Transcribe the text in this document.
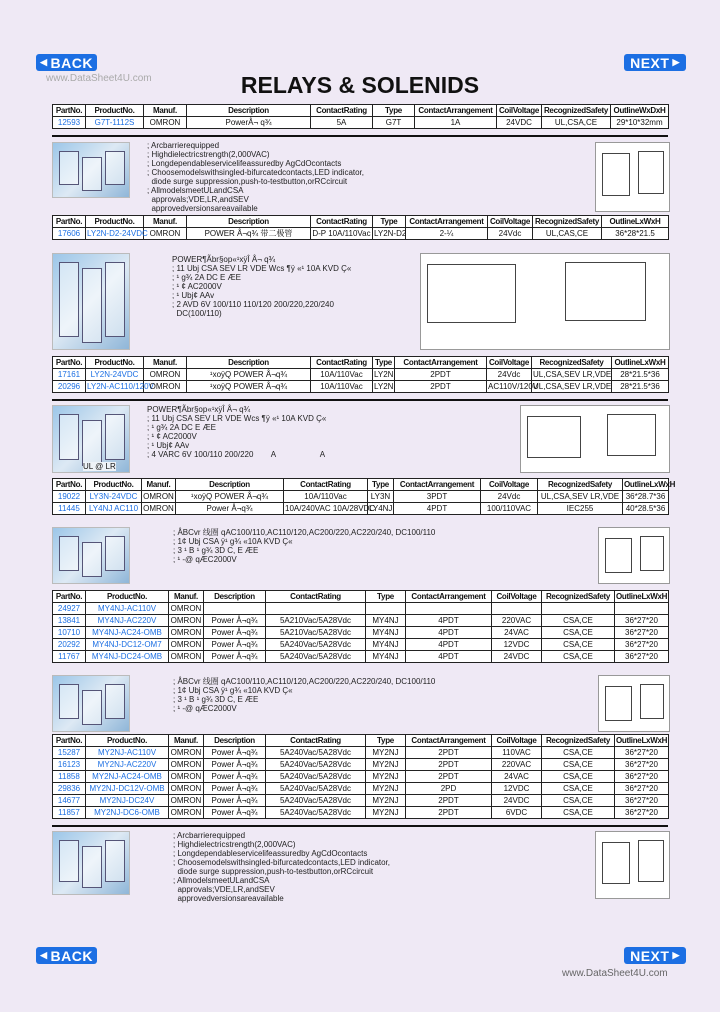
◀ BACK
www.DataSheet4U.com
NEXT ▶
RELAYS & SOLENIDS
PartNo.	ProductNo.	Manuf.	Description	ContactRating	Type	ContactArrangement	CoilVoltage	RecognizedSafety	OutlineWxDxH
12593	G7T-1112S	OMRON	PowerÅ¬ q¾	5A	G7T	1A	24VDC	UL,CSA,CE	29*10*32mm
; Arcbarrierequipped
; Highdielectricstrength(2,000VAC)
; Longdependableservicelifeassuredby AgCdOcontacts
; Choosemodelswithsingled-bifurcatedcontacts,LED indicator,
diode surge suppression,push-to-testbutton,orRCcircuit
; AllmodelsmeetULandCSA
approvals;VDE,LR,andSEV
approvedversionsareavailable
PartNo.	ProductNo.	Manuf.	Description	ContactRating	Type	ContactArrangement	CoilVoltage	RecognizedSafety	OutlineLxWxH
17606	LY2N-D2-24VDC	OMRON	POWER Å¬q¾ 带二极管	D-P 10A/110Vac	LY2N-D2	2-¼	24Vdc	UL,CAS,CE	36*28*21.5
POWER¶Ãbr§op«¹xÿÎ Å¬ q¾
; 11 Ubj CSA SEV LR VDE Wcs ¶ÿ «¹ 10A KVD Ç«
; ¹ g¾ 2A DC E ÆE
; ¹ ¢ AC2000V
; ¹ Ubj¢ AAv
; 2 AVD 6V 100/110 110/120 200/220,220/240
DC(100/110)
PartNo.	ProductNo.	Manuf.	Description	ContactRating	Type	ContactArrangement	CoilVoltage	RecognizedSafety	OutlineLxWxH
17161	LY2N-24VDC	OMRON	¹xoÿQ POWER Å¬q¾	10A/110Vac	LY2N	2PDT	24Vdc	UL,CSA,SEV LR,VDE	28*21.5*36
20296	LY2N-AC110/120V	OMRON	¹xoÿQ POWER Å¬q¾	10A/110Vac	LY2N	2PDT	AC110V/120V	UL,CSA,SEV LR,VDE	28*21.5*36
UL @ LR
POWER¶Ãbr§op«¹xÿÎ Å¬ q¾
; 11 Ubj CSA SEV LR VDE Wcs ¶ÿ «¹ 10A KVD Ç«
; ¹ g¾ 2A DC E ÆE
; ¹ ¢ AC2000V
; ¹ Ubj¢ AAv
; 4 VARC 6V 100/110 200/220        A                    A
PartNo.	ProductNo.	Manuf.	Description	ContactRating	Type	ContactArrangement	CoilVoltage	RecognizedSafety	OutlineLxWxH
19022	LY3N-24VDC	OMRON	¹xoÿQ POWER Å¬q¾	10A/110Vac	LY3N	3PDT	24Vdc	UL,CSA,SEV LR,VDE	36*28.7*36
11445	LY4NJ AC110	OMRON	Power Å¬q¾	10A/240VAC 10A/28VDC	LY4NJ	4PDT	100/110VAC	IEC255	40*28.5*36
; ÅBCvr 线圈 qAC100/110,AC110/120,AC200/220,AC220/240, DC100/110
; 1¢ Ubj CSA ÿ¹ g¾ «10A KVD Ç«
; 3 ¹ B ¹ g¾ 3D C, E ÆE
; ¹ -@ qÆC2000V
PartNo.	ProductNo.	Manuf.	Description	ContactRating	Type	ContactArrangement	CoilVoltage	RecognizedSafety	OutlineLxWxH
24927	MY4NJ-AC110V	OMRON							
13841	MY4NJ-AC220V	OMRON	Power Å¬q¾	5A210Vac/5A28Vdc	MY4NJ	4PDT	220VAC	CSA,CE	36*27*20
10710	MY4NJ-AC24-OMB	OMRON	Power Å¬q¾	5A210Vac/5A28Vdc	MY4NJ	4PDT	24VAC	CSA,CE	36*27*20
20292	MY4NJ-DC12-OM7	OMRON	Power Å¬q¾	5A240Vac/5A28Vdc	MY4NJ	4PDT	12VDC	CSA,CE	36*27*20
11767	MY4NJ-DC24-OMB	OMRON	Power Å¬q¾	5A240Vac/5A28Vdc	MY4NJ	4PDT	24VDC	CSA,CE	36*27*20
; ÅBCvr 线圈 qAC100/110,AC110/120,AC200/220,AC220/240, DC100/110
; 1¢ Ubj CSA ÿ¹ g¾ «10A KVD Ç«
; 3 ¹ B ¹ g¾ 3D C, E ÆE
; ¹ -@ qÆC2000V
PartNo.	ProductNo.	Manuf.	Description	ContactRating	Type	ContactArrangement	CoilVoltage	RecognizedSafety	OutlineLxWxH
15287	MY2NJ-AC110V	OMRON	Power Å¬q¾	5A240Vac/5A28Vdc	MY2NJ	2PDT	110VAC	CSA,CE	36*27*20
16123	MY2NJ-AC220V	OMRON	Power Å¬q¾	5A240Vac/5A28Vdc	MY2NJ	2PDT	220VAC	CSA,CE	36*27*20
11858	MY2NJ-AC24-OMB	OMRON	Power Å¬q¾	5A240Vac/5A28Vdc	MY2NJ	2PDT	24VAC	CSA,CE	36*27*20
29836	MY2NJ-DC12V-OMB	OMRON	Power Å¬q¾	5A240Vac/5A28Vdc	MY2NJ	2PD	12VDC	CSA,CE	36*27*20
14677	MY2NJ-DC24V	OMRON	Power Å¬q¾	5A240Vac/5A28Vdc	MY2NJ	2PDT	24VDC	CSA,CE	36*27*20
11857	MY2NJ-DC6-OMB	OMRON	Power Å¬q¾	5A240Vac/5A28Vdc	MY2NJ	2PDT	6VDC	CSA,CE	36*27*20
; Arcbarrierequipped
; Highdielectricstrength(2,000VAC)
; Longdependableservicelifeassuredby AgCdOcontacts
; Choosemodelswithsingled-bifurcatedcontacts,LED indicator,
diode surge suppression,push-to-testbutton,orRCcircuit
; AllmodelsmeetULandCSA
approvals;VDE,LR,andSEV
approvedversionsareavailable
◀ BACK	NEXT ▶
www.DataSheet4U.com
